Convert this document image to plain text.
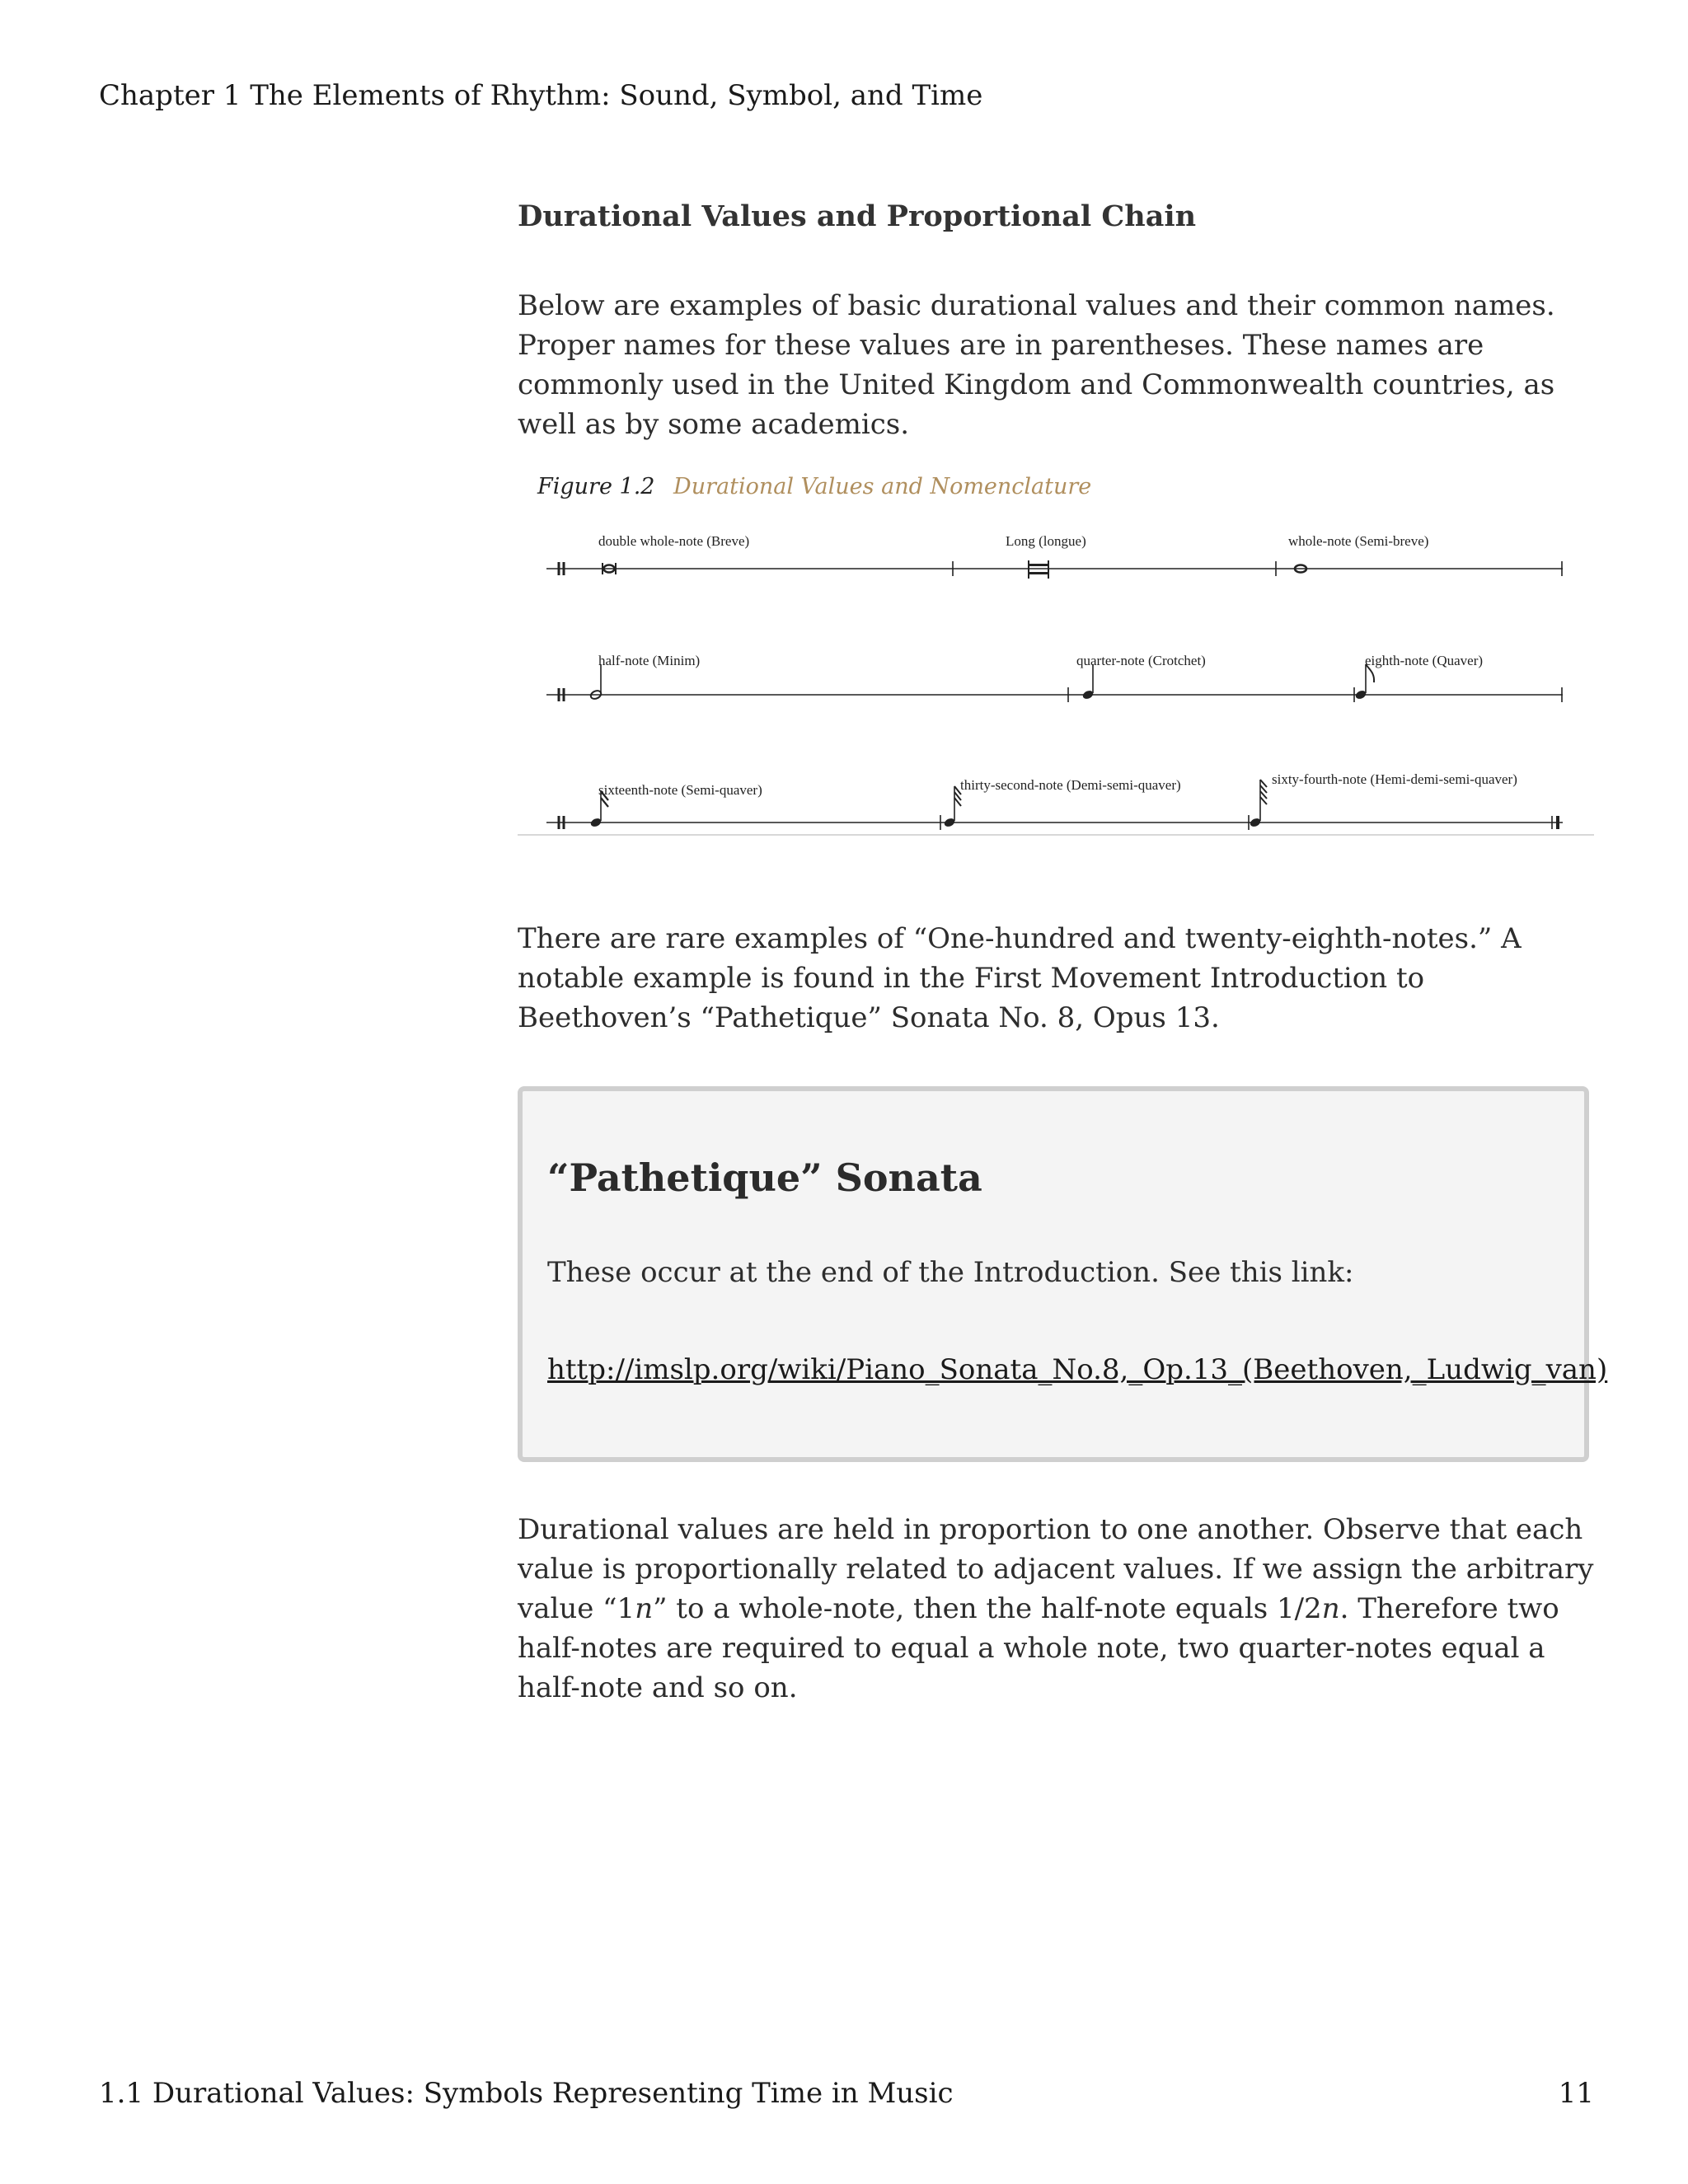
Chapter 1 The Elements of Rhythm: Sound, Symbol, and Time
Durational Values and Proportional Chain

Below are examples of basic durational values and their common names. Proper names for these values are in parentheses. These names are commonly used in the United Kingdom and Commonwealth countries, as well as by some academics.

Figure 1.2 Durational Values and Nomenclature
double whole-note (Breve)	Long (longue)	whole-note (Semi-breve)
half-note (Minim)	quarter-note (Crotchet)	eighth-note (Quaver)
sixteenth-note (Semi-quaver)	thirty-second-note (Demi-semi-quaver)	sixty-fourth-note (Hemi-demi-semi-quaver)

There are rare examples of “One-hundred and twenty-eighth-notes.” A notable example is found in the First Movement Introduction to Beethoven’s “Pathetique” Sonata No. 8, Opus 13.

“Pathetique” Sonata
These occur at the end of the Introduction. See this link:
http://imslp.org/wiki/Piano_Sonata_No.8,_Op.13_(Beethoven,_Ludwig_van)

Durational values are held in proportion to one another. Observe that each value is proportionally related to adjacent values. If we assign the arbitrary value “1n” to a whole-note, then the half-note equals 1/2n. Therefore two half-notes are required to equal a whole note, two quarter-notes equal a half-note and so on.

1.1 Durational Values: Symbols Representing Time in Music	11
